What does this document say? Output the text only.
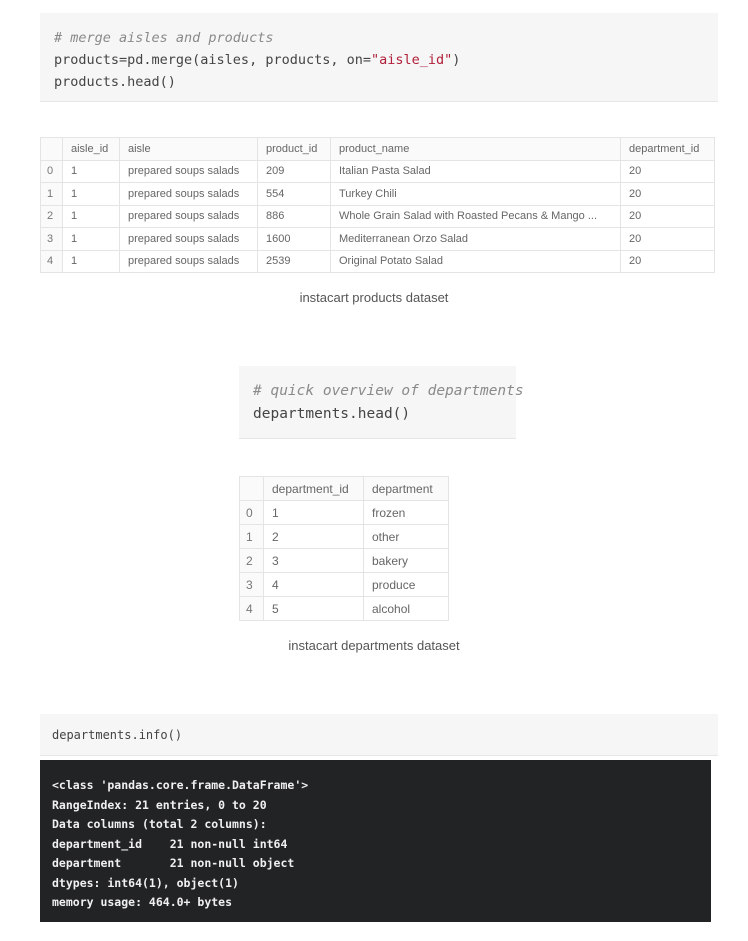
# merge aisles and products
products=pd.merge(aisles, products, on="aisle_id")
products.head()
	aisle_id	aisle	product_id	product_name	department_id
0	1	prepared soups salads	209	Italian Pasta Salad	20
1	1	prepared soups salads	554	Turkey Chili	20
2	1	prepared soups salads	886	Whole Grain Salad with Roasted Pecans & Mango ...	20
3	1	prepared soups salads	1600	Mediterranean Orzo Salad	20
4	1	prepared soups salads	2539	Original Potato Salad	20
instacart products dataset
# quick overview of departments
departments.head()
	department_id	department
0	1	frozen
1	2	other
2	3	bakery
3	4	produce
4	5	alcohol
instacart departments dataset
departments.info()
<class 'pandas.core.frame.DataFrame'>
RangeIndex: 21 entries, 0 to 20
Data columns (total 2 columns):
department_id    21 non-null int64
department       21 non-null object
dtypes: int64(1), object(1)
memory usage: 464.0+ bytes
